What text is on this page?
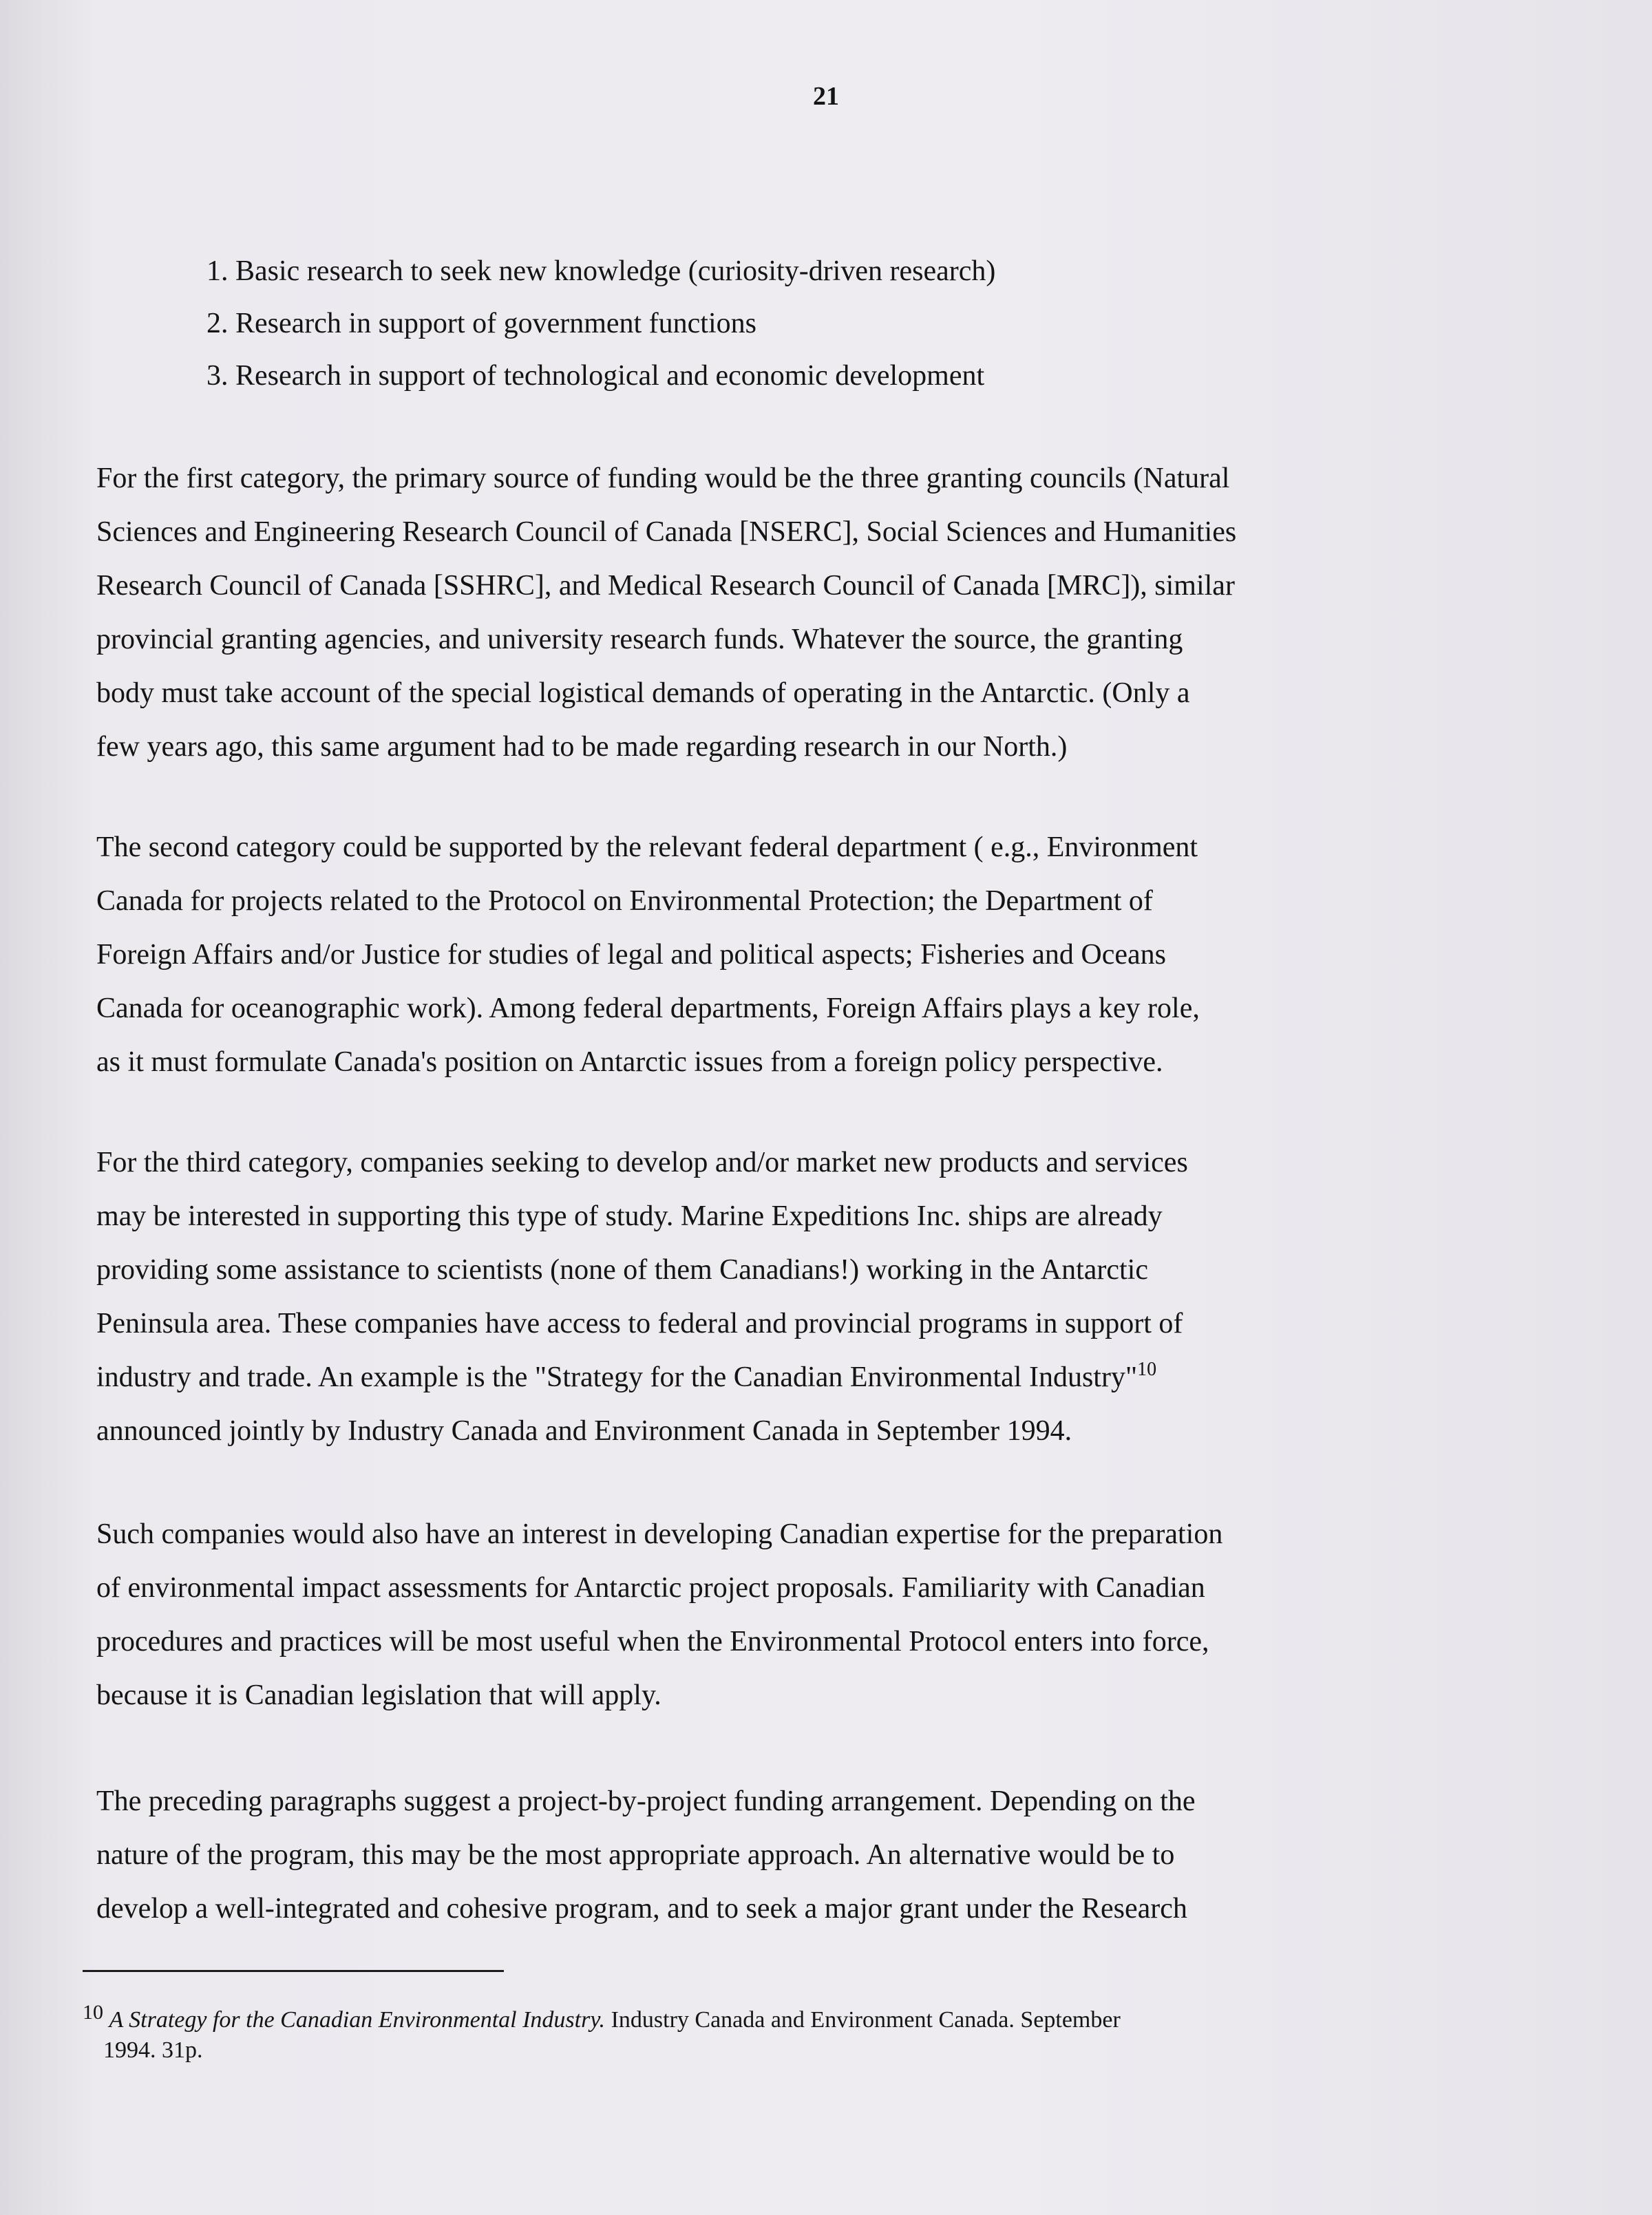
21
1. Basic research to seek new knowledge (curiosity-driven research)
2. Research in support of government functions
3. Research in support of technological and economic development

For the first category, the primary source of funding would be the three granting councils (Natural
Sciences and Engineering Research Council of Canada [NSERC], Social Sciences and Humanities
Research Council of Canada [SSHRC], and Medical Research Council of Canada [MRC]), similar
provincial granting agencies, and university research funds. Whatever the source, the granting
body must take account of the special logistical demands of operating in the Antarctic. (Only a
few years ago, this same argument had to be made regarding research in our North.)

The second category could be supported by the relevant federal department ( e.g., Environment
Canada for projects related to the Protocol on Environmental Protection; the Department of
Foreign Affairs and/or Justice for studies of legal and political aspects; Fisheries and Oceans
Canada for oceanographic work). Among federal departments, Foreign Affairs plays a key role,
as it must formulate Canada's position on Antarctic issues from a foreign policy perspective.

For the third category, companies seeking to develop and/or market new products and services
may be interested in supporting this type of study. Marine Expeditions Inc. ships are already
providing some assistance to scientists (none of them Canadians!) working in the Antarctic
Peninsula area. These companies have access to federal and provincial programs in support of
industry and trade. An example is the "Strategy for the Canadian Environmental Industry"$^{10}$
announced jointly by Industry Canada and Environment Canada in September 1994.

Such companies would also have an interest in developing Canadian expertise for the preparation
of environmental impact assessments for Antarctic project proposals. Familiarity with Canadian
procedures and practices will be most useful when the Environmental Protocol enters into force,
because it is Canadian legislation that will apply.

The preceding paragraphs suggest a project-by-project funding arrangement. Depending on the
nature of the program, this may be the most appropriate approach. An alternative would be to
develop a well-integrated and cohesive program, and to seek a major grant under the Research

10 A Strategy for the Canadian Environmental Industry. Industry Canada and Environment Canada. September
1994. 31p.
